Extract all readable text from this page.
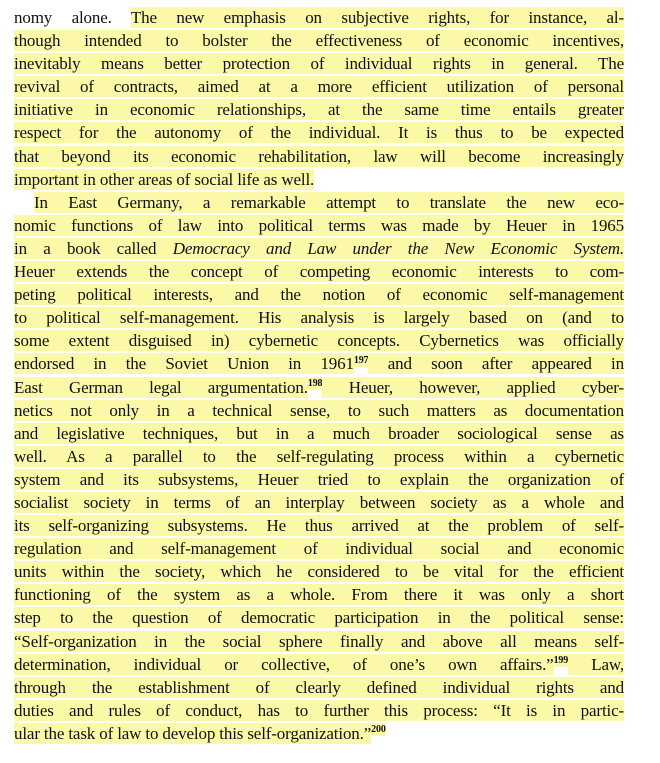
nomy alone. The new emphasis on subjective rights, for instance, al-
though intended to bolster the effectiveness of economic incentives,
inevitably means better protection of individual rights in general. The
revival of contracts, aimed at a more efficient utilization of personal
initiative in economic relationships, at the same time entails greater
respect for the autonomy of the individual. It is thus to be expected
that beyond its economic rehabilitation, law will become increasingly
important in other areas of social life as well.
In East Germany, a remarkable attempt to translate the new eco-
nomic functions of law into political terms was made by Heuer in 1965
in a book called Democracy and Law under the New Economic System.
Heuer extends the concept of competing economic interests to com-
peting political interests, and the notion of economic self-management
to political self-management. His analysis is largely based on (and to
some extent disguised in) cybernetic concepts. Cybernetics was officially
endorsed in the Soviet Union in 1961$^{197}$ and soon after appeared in
East German legal argumentation.$^{198}$ Heuer, however, applied cyber-
netics not only in a technical sense, to such matters as documentation
and legislative techniques, but in a much broader sociological sense as
well. As a parallel to the self-regulating process within a cybernetic
system and its subsystems, Heuer tried to explain the organization of
socialist society in terms of an interplay between society as a whole and
its self-organizing subsystems. He thus arrived at the problem of self-
regulation and self-management of individual social and economic
units within the society, which he considered to be vital for the efficient
functioning of the system as a whole. From there it was only a short
step to the question of democratic participation in the political sense:
“Self-organization in the social sphere finally and above all means self-
determination, individual or collective, of one’s own affairs.”$^{199}$ Law,
through the establishment of clearly defined individual rights and
duties and rules of conduct, has to further this process: “It is in partic-
ular the task of law to develop this self-organization.”$^{200}$
